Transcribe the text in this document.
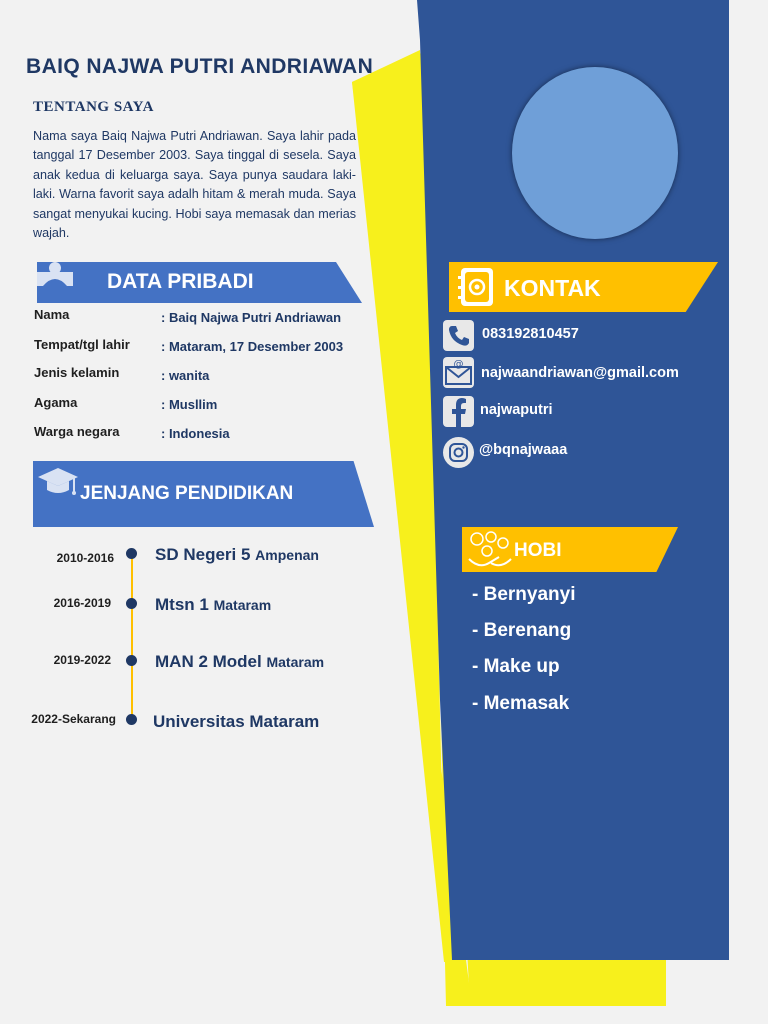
BAIQ NAJWA PUTRI ANDRIAWAN
TENTANG SAYA
Nama saya Baiq Najwa Putri Andriawan. Saya lahir pada tanggal 17 Desember 2003. Saya tinggal di sesela. Saya anak kedua di keluarga saya. Saya punya saudara laki-laki. Warna favorit saya adalh hitam & merah muda. Saya sangat menyukai kucing. Hobi saya memasak dan merias wajah.
DATA PRIBADI
Nama	: Baiq Najwa Putri Andriawan
Tempat/tgl lahir : Mataram, 17 Desember 2003
Jenis kelamin	: wanita
Agama	: Musllim
Warga negara	: Indonesia
JENJANG PENDIDIKAN
2010-2016 SD Negeri 5 Ampenan
2016-2019	Mtsn 1 Mataram
2019-2022	MAN 2 Model Mataram
2022-Sekarang Universitas Mataram
KONTAK
083192810457
@
najwaandriawan@gmail.com
najwaputri
@bqnajwaaa
HOBI
- Bernyanyi
- Berenang
- Make up
- Memasak
